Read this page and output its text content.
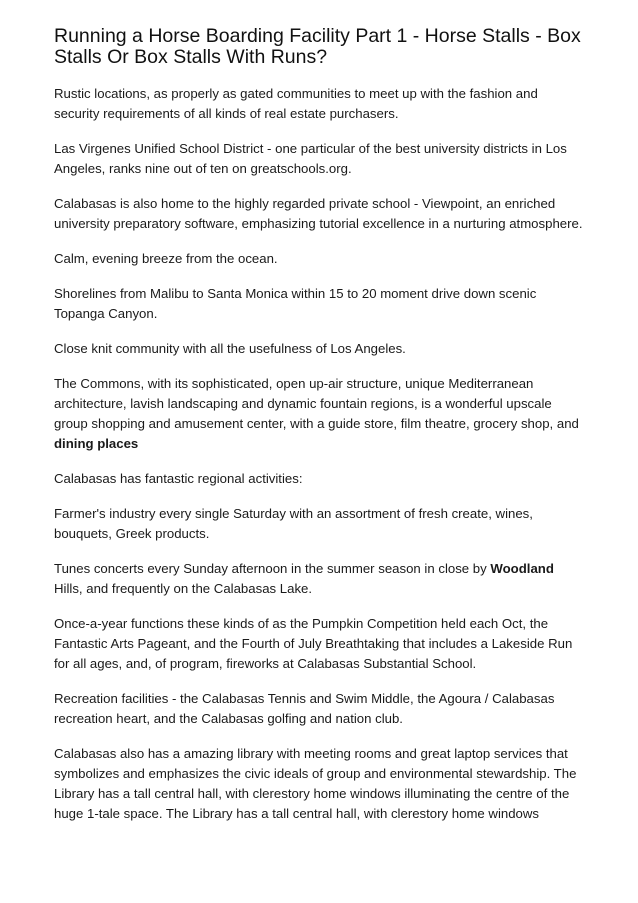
Running a Horse Boarding Facility Part 1 - Horse Stalls - Box Stalls Or Box Stalls With Runs?

Rustic locations, as properly as gated communities to meet up with the fashion and security requirements of all kinds of real estate purchasers.

Las Virgenes Unified School District - one particular of the best university districts in Los Angeles, ranks nine out of ten on greatschools.org.

Calabasas is also home to the highly regarded private school - Viewpoint, an enriched university preparatory software, emphasizing tutorial excellence in a nurturing atmosphere.

Calm, evening breeze from the ocean.

Shorelines from Malibu to Santa Monica within 15 to 20 moment drive down scenic Topanga Canyon.

Close knit community with all the usefulness of Los Angeles.

The Commons, with its sophisticated, open up-air structure, unique Mediterranean architecture, lavish landscaping and dynamic fountain regions, is a wonderful upscale group shopping and amusement center, with a guide store, film theatre, grocery shop, and dining places

Calabasas has fantastic regional activities:

Farmer's industry every single Saturday with an assortment of fresh create, wines, bouquets, Greek products.

Tunes concerts every Sunday afternoon in the summer season in close by Woodland Hills, and frequently on the Calabasas Lake.

Once-a-year functions these kinds of as the Pumpkin Competition held each Oct, the Fantastic Arts Pageant, and the Fourth of July Breathtaking that includes a Lakeside Run for all ages, and, of program, fireworks at Calabasas Substantial School.

Recreation facilities - the Calabasas Tennis and Swim Middle, the Agoura / Calabasas recreation heart, and the Calabasas golfing and nation club.

Calabasas also has a amazing library with meeting rooms and great laptop services that symbolizes and emphasizes the civic ideals of group and environmental stewardship. The Library has a tall central hall, with clerestory home windows illuminating the centre of the huge 1-tale space. The Library has a tall central hall, with clerestory home windows
